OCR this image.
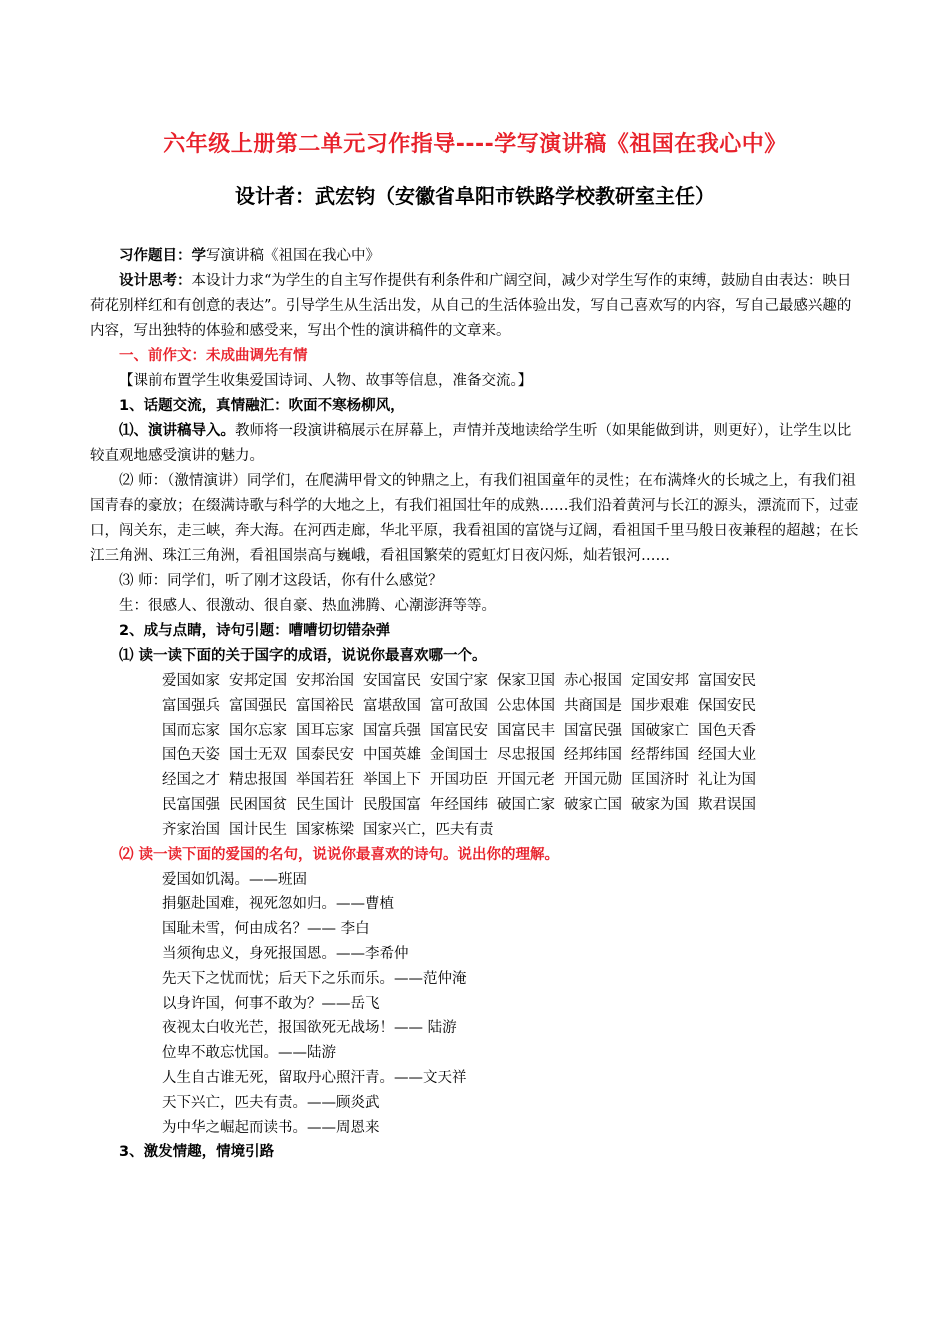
六年级上册第二单元习作指导----学写演讲稿《祖国在我心中》
设计者：武宏钧（安徽省阜阳市铁路学校教研室主任）

习作题目：学写演讲稿《祖国在我心中》

设计思考：本设计力求“为学生的自主写作提供有利条件和广阔空间，减少对学生写作的束缚，鼓励自由表达：映日荷花别样红和有创意的表达”。引导学生从生活出发，从自己的生活体验出发，写自己喜欢写的内容，写自己最感兴趣的内容，写出独特的体验和感受来，写出个性的演讲稿件的文章来。

一、前作文：未成曲调先有情

【课前布置学生收集爱国诗词、人物、故事等信息，准备交流。】

1、话题交流，真情融汇：吹面不寒杨柳风，

⑴、演讲稿导入。教师将一段演讲稿展示在屏幕上，声情并茂地读给学生听（如果能做到讲，则更好），让学生以比较直观地感受演讲的魅力。

⑵ 师：（激情演讲）同学们，在爬满甲骨文的钟鼎之上，有我们祖国童年的灵性；在布满烽火的长城之上，有我们祖国青春的豪放；在缀满诗歌与科学的大地之上，有我们祖国壮年的成熟……我们沿着黄河与长江的源头，漂流而下，过壶口，闯关东，走三峡，奔大海。在河西走廊，华北平原，我看祖国的富饶与辽阔，看祖国千里马般日夜兼程的超越；在长江三角洲、珠江三角洲，看祖国崇高与巍峨，看祖国繁荣的霓虹灯日夜闪烁，灿若银河……

⑶ 师：同学们，听了刚才这段话，你有什么感觉？

生：很感人、很激动、很自豪、热血沸腾、心潮澎湃等等。

2、成与点睛，诗句引题：嘈嘈切切错杂弹

⑴ 读一读下面的关于国字的成语，说说你最喜欢哪一个。

爱国如家 安邦定国 安邦治国 安国富民 安国宁家 保家卫国 赤心报国 定国安邦 富国安民
富国强兵 富国强民 富国裕民 富堪敌国 富可敌国 公忠体国 共商国是 国步艰难 保国安民
国而忘家 国尔忘家 国耳忘家 国富兵强 国富民安 国富民丰 国富民强 国破家亡 国色天香
国色天姿 国士无双 国泰民安 中国英雄 金闺国士 尽忠报国 经邦纬国 经帮纬国 经国大业
经国之才 精忠报国 举国若狂 举国上下 开国功臣 开国元老 开国元勋 匡国济时 礼让为国
民富国强 民困国贫 民生国计 民殷国富 年经国纬 破国亡家 破家亡国 破家为国 欺君误国
齐家治国 国计民生 国家栋梁 国家兴亡，匹夫有责

⑵ 读一读下面的爱国的名句，说说你最喜欢的诗句。说出你的理解。

爱国如饥渴。——班固

捐躯赴国难，视死忽如归。——曹植

国耻未雪，何由成名？—— 李白

当须徇忠义，身死报国恩。——李希仲

先天下之忧而忧；后天下之乐而乐。——范仲淹

以身许国，何事不敢为？——岳飞

夜视太白收光芒，报国欲死无战场！—— 陆游

位卑不敢忘忧国。——陆游

人生自古谁无死，留取丹心照汗青。——文天祥

天下兴亡，匹夫有责。——顾炎武

为中华之崛起而读书。——周恩来

3、激发情趣，情境引路
